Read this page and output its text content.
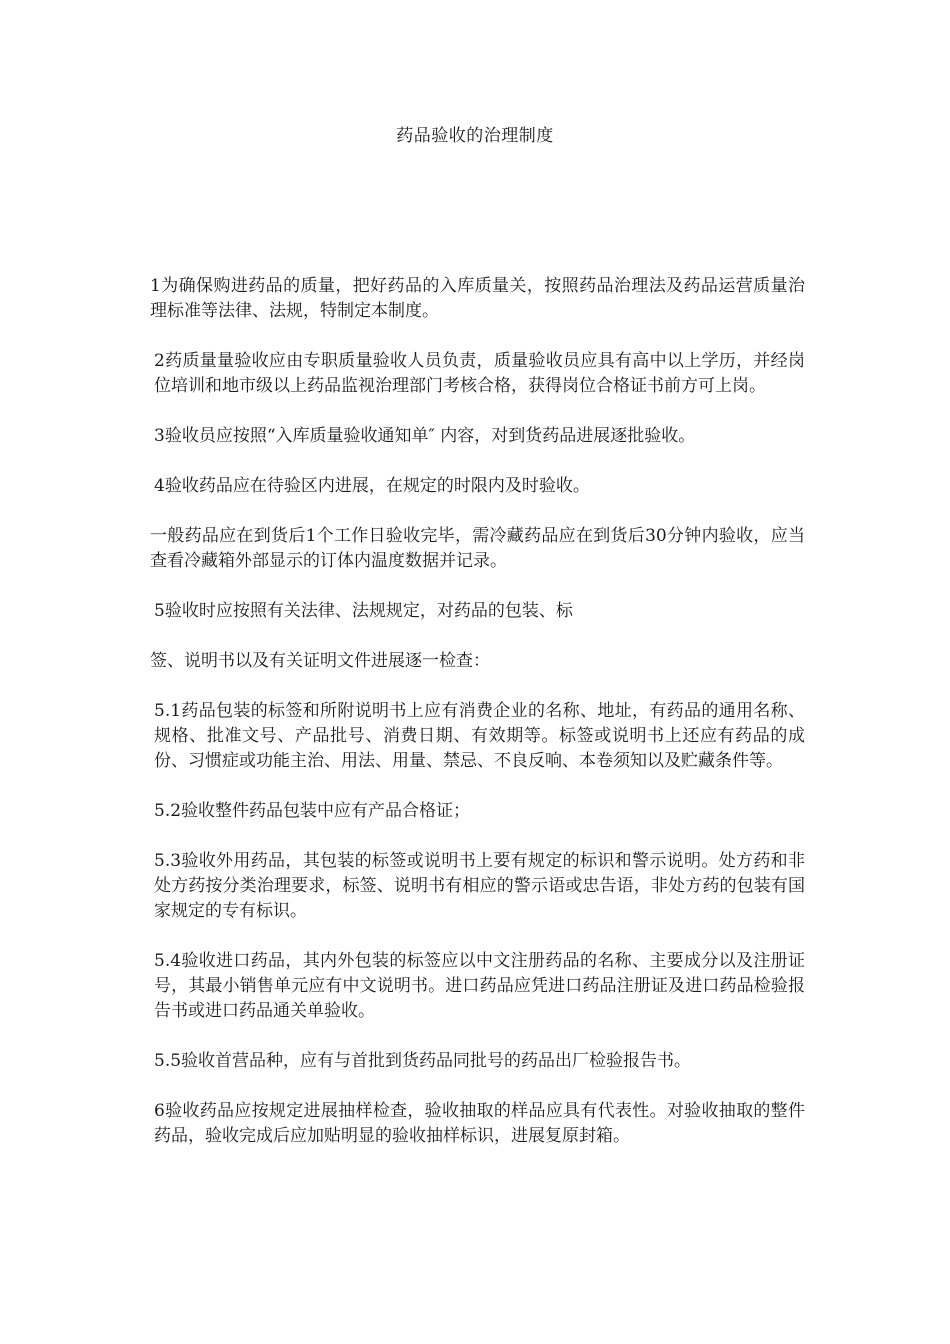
药品验收的治理制度

1为确保购进药品的质量，把好药品的入库质量关，按照药品治理法及药品运营质量治理标准等法律、法规，特制定本制度。

2药质量量验收应由专职质量验收人员负责，质量验收员应具有高中以上学历，并经岗位培训和地市级以上药品监视治理部门考核合格，获得岗位合格证书前方可上岗。

3验收员应按照“入库质量验收通知单″ 内容，对到货药品进展逐批验收。

4验收药品应在待验区内进展，在规定的时限内及时验收。

一般药品应在到货后1个工作日验收完毕，需冷藏药品应在到货后30分钟内验收，应当查看冷藏箱外部显示的订体内温度数据并记录。

5验收时应按照有关法律、法规规定，对药品的包装、标

签、说明书以及有关证明文件进展逐一检查：

5.1药品包装的标签和所附说明书上应有消费企业的名称、地址，有药品的通用名称、规格、批准文号、产品批号、消费日期、有效期等。标签或说明书上还应有药品的成份、习惯症或功能主治、用法、用量、禁忌、不良反响、本卷须知以及贮藏条件等。

5.2验收整件药品包装中应有产品合格证；

5.3验收外用药品，其包装的标签或说明书上要有规定的标识和警示说明。处方药和非处方药按分类治理要求，标签、说明书有相应的警示语或忠告语，非处方药的包装有国家规定的专有标识。

5.4验收进口药品，其内外包装的标签应以中文注册药品的名称、主要成分以及注册证号，其最小销售单元应有中文说明书。进口药品应凭进口药品注册证及进口药品检验报告书或进口药品通关单验收。

5.5验收首营品种，应有与首批到货药品同批号的药品出厂检验报告书。

6验收药品应按规定进展抽样检查，验收抽取的样品应具有代表性。对验收抽取的整件药品，验收完成后应加贴明显的验收抽样标识，进展复原封箱。
